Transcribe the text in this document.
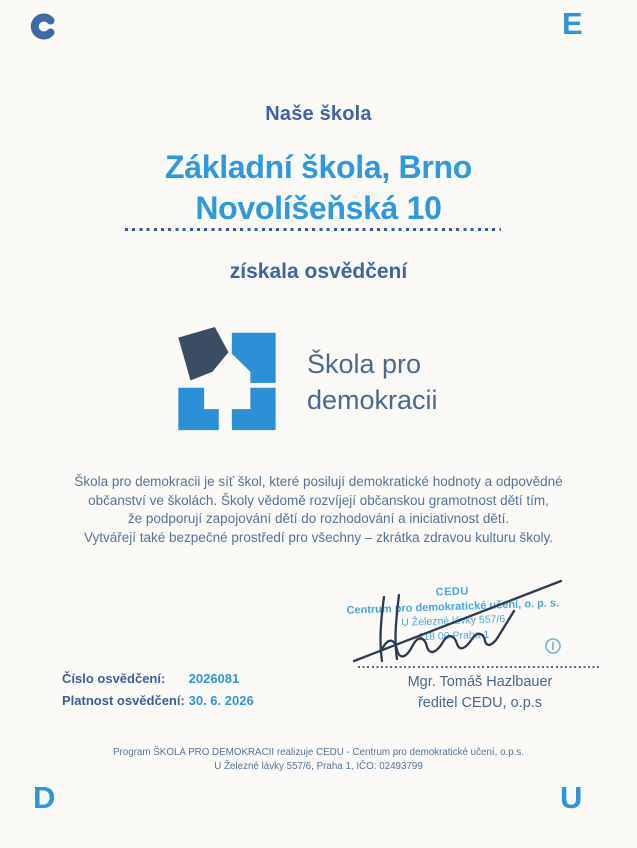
E
D	U
Naše škola
Základní škola, Brno
Novolíšeňská 10
získala osvědčení
Škola pro
demokracii
Škola pro demokracii je síť škol, které posilují demokratické hodnoty a odpovědné
občanství ve školách. Školy vědomě rozvíjejí občanskou gramotnost dětí tím,
že podporují zapojování dětí do rozhodování a iniciativnost dětí.
Vytvářejí také bezpečné prostředí pro všechny – zkrátka zdravou kulturu školy.
CEDU
Centrum pro demokratické učení, o. p. s.
U Železné lávky 557/6
118 00 Praha 1
Mgr. Tomáš Hazlbauer
ředitel CEDU, o.p.s
Číslo osvědčení: 2026081
Platnost osvědčení: 30. 6. 2026
Program ŠKOLA PRO DEMOKRACII realizuje CEDU - Centrum pro demokratické učení, o.p.s.
U Železné lávky 557/6, Praha 1, IČO: 02493799
